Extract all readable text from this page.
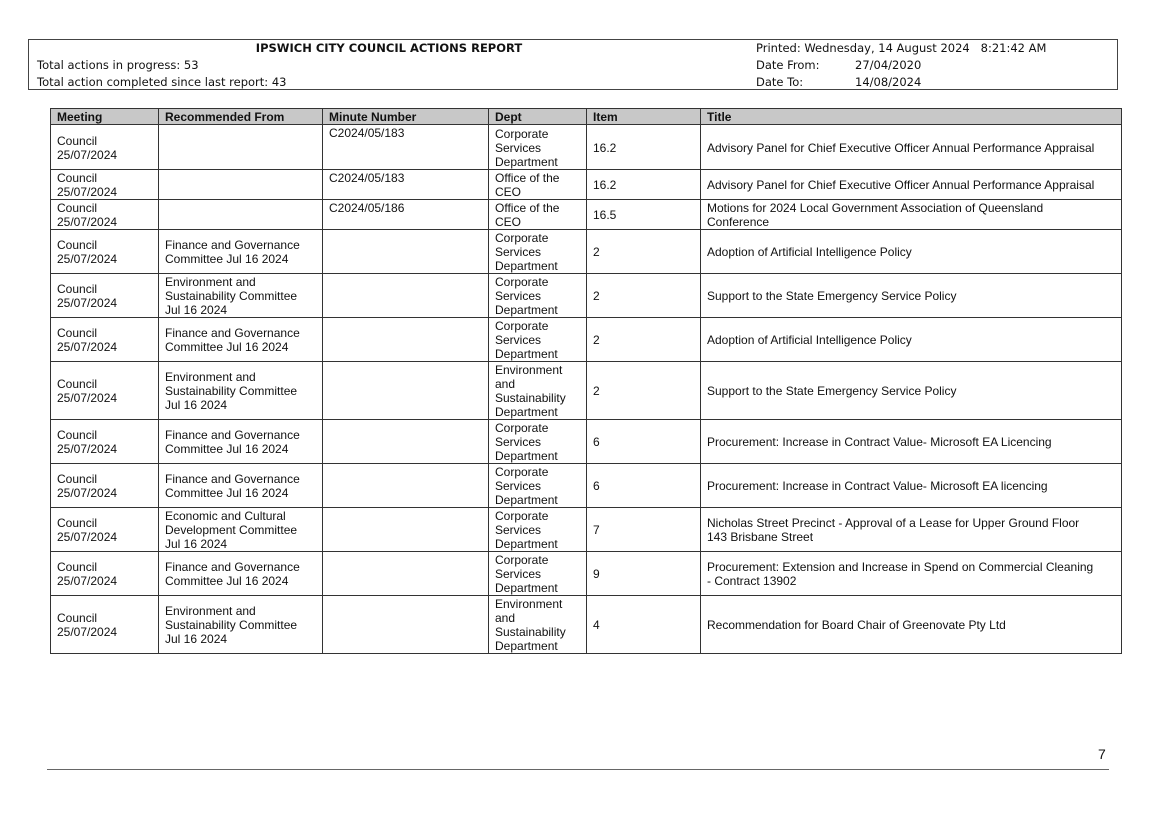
IPSWICH CITY COUNCIL ACTIONS REPORT
Total actions in progress: 53
Total action completed since last report: 43
Printed: Wednesday, 14 August 2024   8:21:42 AM
Date From:	27/04/2020
Date To:	14/08/2024
Meeting	Recommended From	Minute Number	Dept	Item	Title
Council
25/07/2024		C2024/05/183	Corporate
Services
Department	16.2	Advisory Panel for Chief Executive Officer Annual Performance Appraisal
Council
25/07/2024		C2024/05/183	Office of the
CEO	16.2	Advisory Panel for Chief Executive Officer Annual Performance Appraisal
Council
25/07/2024		C2024/05/186	Office of the
CEO	16.5	Motions for 2024 Local Government Association of Queensland
Conference
Council
25/07/2024	Finance and Governance
Committee Jul 16 2024		Corporate
Services
Department	2	Adoption of Artificial Intelligence Policy
Council
25/07/2024	Environment and
Sustainability Committee
Jul 16 2024		Corporate
Services
Department	2	Support to the State Emergency Service Policy
Council
25/07/2024	Finance and Governance
Committee Jul 16 2024		Corporate
Services
Department	2	Adoption of Artificial Intelligence Policy
Council
25/07/2024	Environment and
Sustainability Committee
Jul 16 2024		Environment
and
Sustainability
Department	2	Support to the State Emergency Service Policy
Council
25/07/2024	Finance and Governance
Committee Jul 16 2024		Corporate
Services
Department	6	Procurement: Increase in Contract Value- Microsoft EA Licencing
Council
25/07/2024	Finance and Governance
Committee Jul 16 2024		Corporate
Services
Department	6	Procurement: Increase in Contract Value- Microsoft EA licencing
Council
25/07/2024	Economic and Cultural
Development Committee
Jul 16 2024		Corporate
Services
Department	7	Nicholas Street Precinct - Approval of a Lease for Upper Ground Floor
143 Brisbane Street
Council
25/07/2024	Finance and Governance
Committee Jul 16 2024		Corporate
Services
Department	9	Procurement: Extension and Increase in Spend on Commercial Cleaning
- Contract 13902
Council
25/07/2024	Environment and
Sustainability Committee
Jul 16 2024		Environment
and
Sustainability
Department	4	Recommendation for Board Chair of Greenovate Pty Ltd
7
